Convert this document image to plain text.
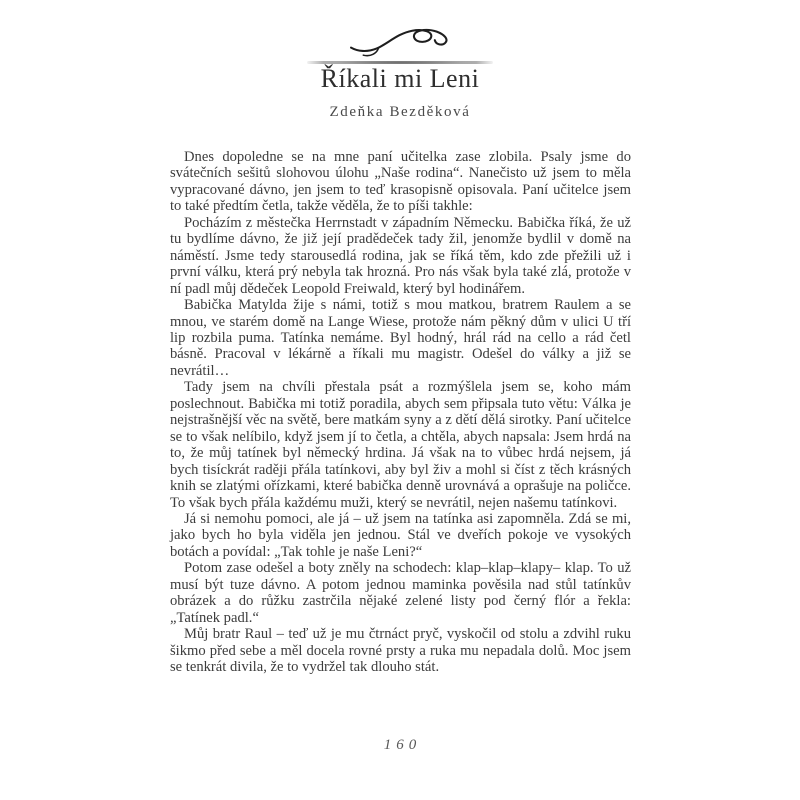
Říkali mi Leni
Zdeňka Bezděková

Dnes dopoledne se na mne paní učitelka zase zlobila. Psaly jsme do svátečních sešitů slohovou úlohu „Naše rodina“. Nanečisto už jsem to měla vypracované dávno, jen jsem to teď krasopisně opisovala. Paní učitelce jsem to také předtím četla, takže věděla, že to píši takhle:

Pocházím z městečka Herrnstadt v západním Německu. Babička říká, že už tu bydlíme dávno, že již její pradědeček tady žil, jenomže bydlil v domě na náměstí. Jsme tedy starousedlá rodina, jak se říká těm, kdo zde přežili už i první válku, která prý nebyla tak hrozná. Pro nás však byla také zlá, protože v ní padl můj dědeček Leopold Freiwald, který byl hodinářem.

Babička Matylda žije s námi, totiž s mou matkou, bratrem Raulem a se mnou, ve starém domě na Lange Wiese, protože nám pěkný dům v ulici U tří lip rozbila puma. Tatínka nemáme. Byl hodný, hrál rád na cello a rád četl básně. Pracoval v lékárně a říkali mu magistr. Odešel do války a již se nevrátil…

Tady jsem na chvíli přestala psát a rozmýšlela jsem se, koho mám poslechnout. Babička mi totiž poradila, abych sem připsala tuto větu: Válka je nejstrašnější věc na světě, bere matkám syny a z dětí dělá sirotky. Paní učitelce se to však nelíbilo, když jsem jí to četla, a chtěla, abych napsala: Jsem hrdá na to, že můj tatínek byl německý hrdina. Já však na to vůbec hrdá nejsem, já bych tisíckrát raději přála tatínkovi, aby byl živ a mohl si číst z těch krásných knih se zlatými ořízkami, které babička denně urovnává a oprašuje na poličce. To však bych přála každému muži, který se nevrátil, nejen našemu tatínkovi.

Já si nemohu pomoci, ale já – už jsem na tatínka asi zapomněla. Zdá se mi, jako bych ho byla viděla jen jednou. Stál ve dveřích pokoje ve vysokých botách a povídal: „Tak tohle je naše Leni?“

Potom zase odešel a boty zněly na schodech: klap–klap–klapy– klap. To už musí být tuze dávno. A potom jednou maminka pověsila nad stůl tatínkův obrázek a do růžku zastrčila nějaké zelené listy pod černý flór a řekla: „Tatínek padl.“

Můj bratr Raul – teď už je mu čtrnáct pryč, vyskočil od stolu a zdvihl ruku šikmo před sebe a měl docela rovné prsty a ruka mu nepadala dolů. Moc jsem se tenkrát divila, že to vydržel tak dlouho stát.

160
